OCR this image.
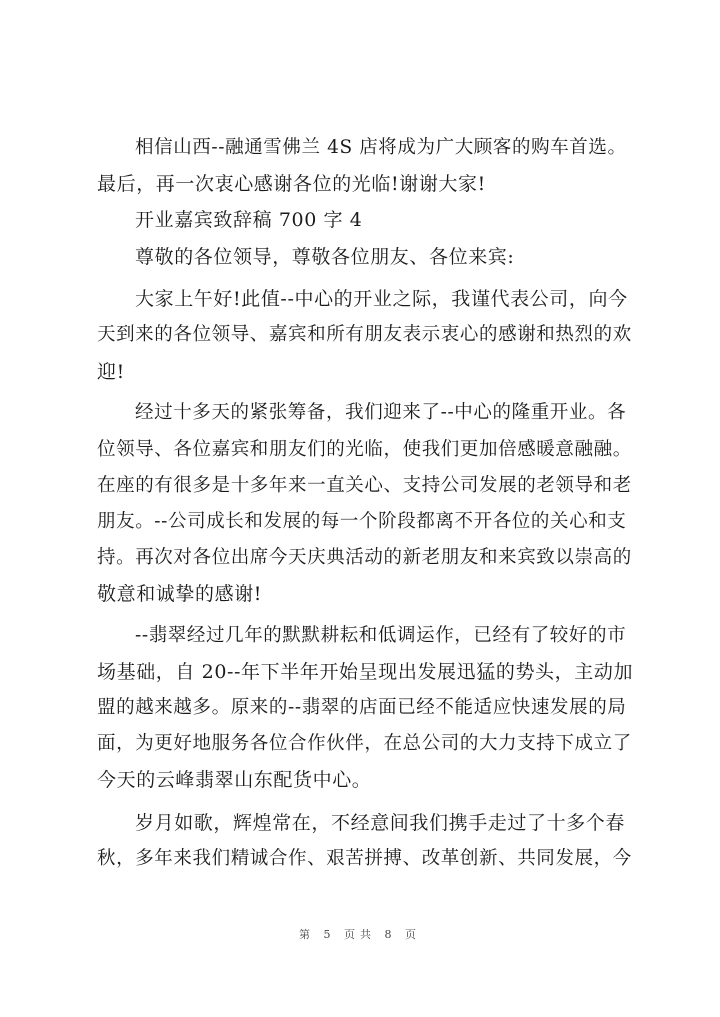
相信山西--融通雪佛兰 4S 店将成为广大顾客的购车首选。
最后，再一次衷心感谢各位的光临!谢谢大家!
开业嘉宾致辞稿 700 字 4
尊敬的各位领导，尊敬各位朋友、各位来宾:
大家上午好!此值--中心的开业之际，我谨代表公司，向今
天到来的各位领导、嘉宾和所有朋友表示衷心的感谢和热烈的欢
迎!
经过十多天的紧张筹备，我们迎来了--中心的隆重开业。各
位领导、各位嘉宾和朋友们的光临，使我们更加倍感暖意融融。
在座的有很多是十多年来一直关心、支持公司发展的老领导和老
朋友。--公司成长和发展的每一个阶段都离不开各位的关心和支
持。再次对各位出席今天庆典活动的新老朋友和来宾致以崇高的
敬意和诚挚的感谢!
--翡翠经过几年的默默耕耘和低调运作，已经有了较好的市
场基础，自 20--年下半年开始呈现出发展迅猛的势头，主动加
盟的越来越多。原来的--翡翠的店面已经不能适应快速发展的局
面，为更好地服务各位合作伙伴，在总公司的大力支持下成立了
今天的云峰翡翠山东配货中心。
岁月如歌，辉煌常在，不经意间我们携手走过了十多个春
秋，多年来我们精诚合作、艰苦拼搏、改革创新、共同发展，今
第 5 页共 8 页
